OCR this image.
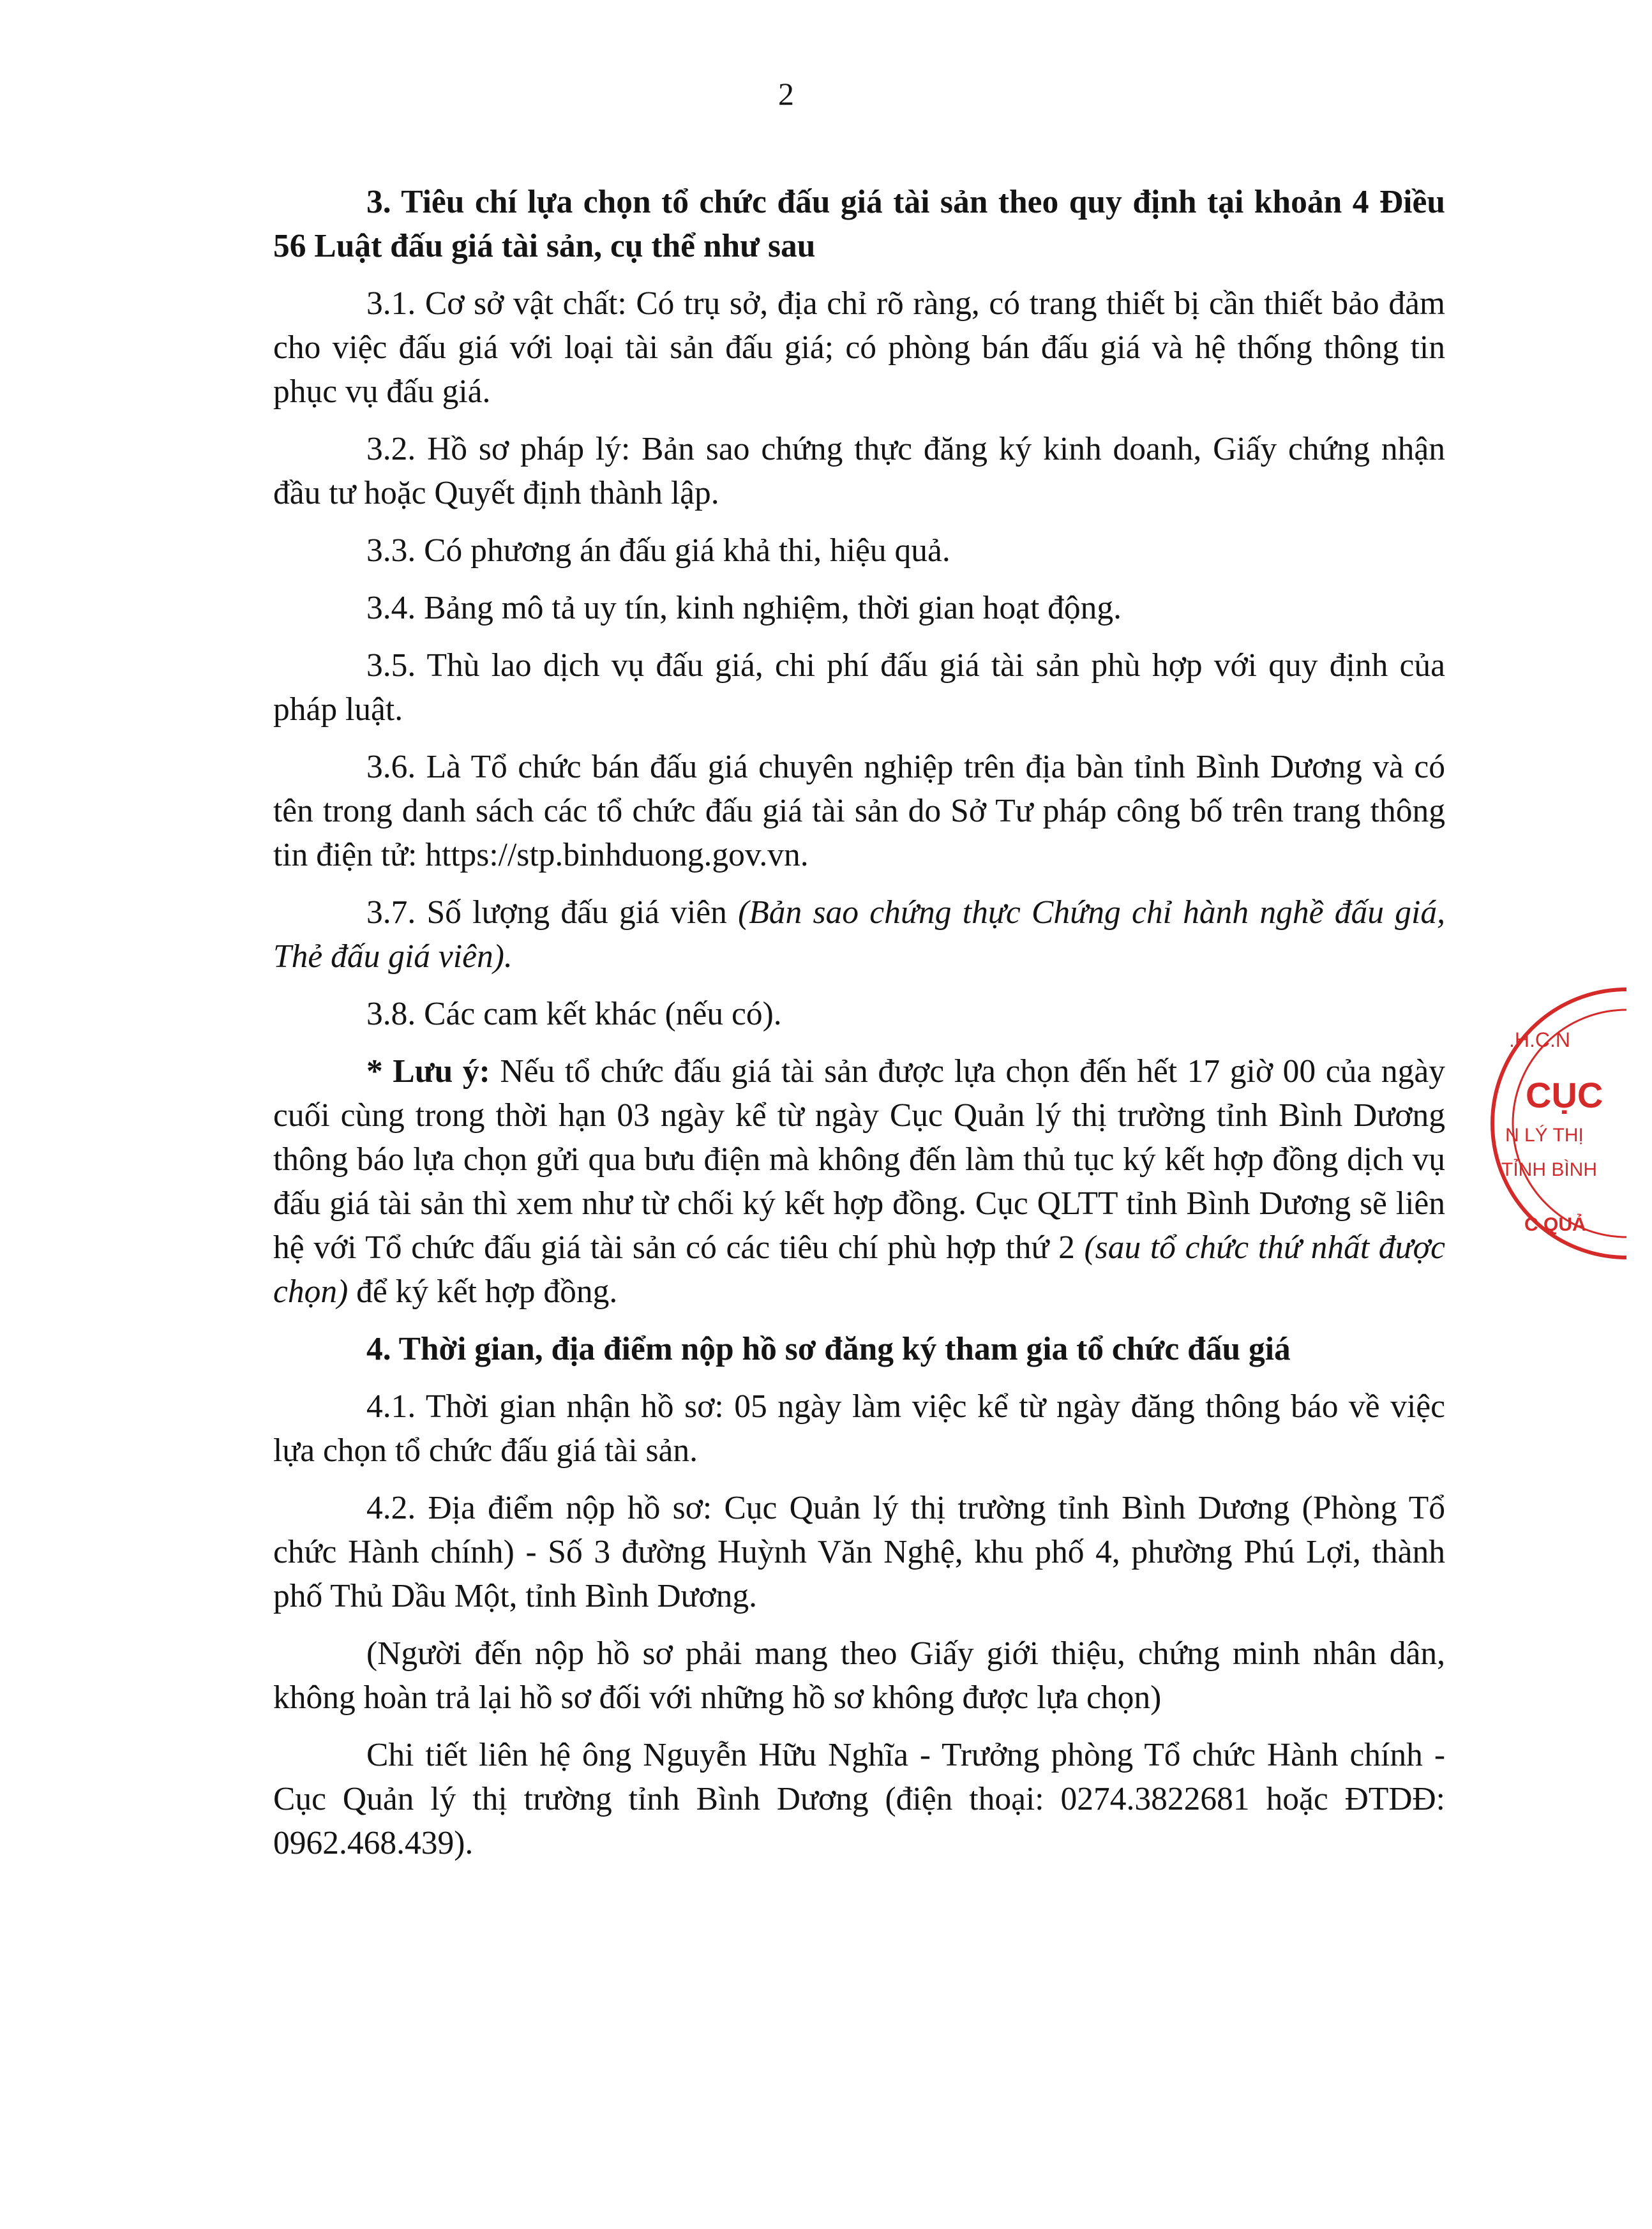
2

3. Tiêu chí lựa chọn tổ chức đấu giá tài sản theo quy định tại khoản 4 Điều 56 Luật đấu giá tài sản, cụ thể như sau

3.1. Cơ sở vật chất: Có trụ sở, địa chỉ rõ ràng, có trang thiết bị cần thiết bảo đảm cho việc đấu giá với loại tài sản đấu giá; có phòng bán đấu giá và hệ thống thông tin phục vụ đấu giá.

3.2. Hồ sơ pháp lý: Bản sao chứng thực đăng ký kinh doanh, Giấy chứng nhận đầu tư hoặc Quyết định thành lập.

3.3. Có phương án đấu giá khả thi, hiệu quả.

3.4. Bảng mô tả uy tín, kinh nghiệm, thời gian hoạt động.

3.5. Thù lao dịch vụ đấu giá, chi phí đấu giá tài sản phù hợp với quy định của pháp luật.

3.6. Là Tổ chức bán đấu giá chuyên nghiệp trên địa bàn tỉnh Bình Dương và có tên trong danh sách các tổ chức đấu giá tài sản do Sở Tư pháp công bố trên trang thông tin điện tử: https://stp.binhduong.gov.vn.

3.7. Số lượng đấu giá viên (Bản sao chứng thực Chứng chỉ hành nghề đấu giá, Thẻ đấu giá viên).

3.8. Các cam kết khác (nếu có).

* Lưu ý: Nếu tổ chức đấu giá tài sản được lựa chọn đến hết 17 giờ 00 của ngày cuối cùng trong thời hạn 03 ngày kể từ ngày Cục Quản lý thị trường tỉnh Bình Dương thông báo lựa chọn gửi qua bưu điện mà không đến làm thủ tục ký kết hợp đồng dịch vụ đấu giá tài sản thì xem như từ chối ký kết hợp đồng. Cục QLTT tỉnh Bình Dương sẽ liên hệ với Tổ chức đấu giá tài sản có các tiêu chí phù hợp thứ 2 (sau tổ chức thứ nhất được chọn) để ký kết hợp đồng.

4. Thời gian, địa điểm nộp hồ sơ đăng ký tham gia tổ chức đấu giá

4.1. Thời gian nhận hồ sơ: 05 ngày làm việc kể từ ngày đăng thông báo về việc lựa chọn tổ chức đấu giá tài sản.

4.2. Địa điểm nộp hồ sơ: Cục Quản lý thị trường tỉnh Bình Dương (Phòng Tổ chức Hành chính) - Số 3 đường Huỳnh Văn Nghệ, khu phố 4, phường Phú Lợi, thành phố Thủ Dầu Một, tỉnh Bình Dương.

(Người đến nộp hồ sơ phải mang theo Giấy giới thiệu, chứng minh nhân dân, không hoàn trả lại hồ sơ đối với những hồ sơ không được lựa chọn)

Chi tiết liên hệ ông Nguyễn Hữu Nghĩa - Trưởng phòng Tổ chức Hành chính - Cục Quản lý thị trường tỉnh Bình Dương (điện thoại: 0274.3822681 hoặc ĐTDĐ: 0962.468.439).

.H.C.N
CỤC
N LÝ THỊ
TỈNH BÌNH
C QUẢ
